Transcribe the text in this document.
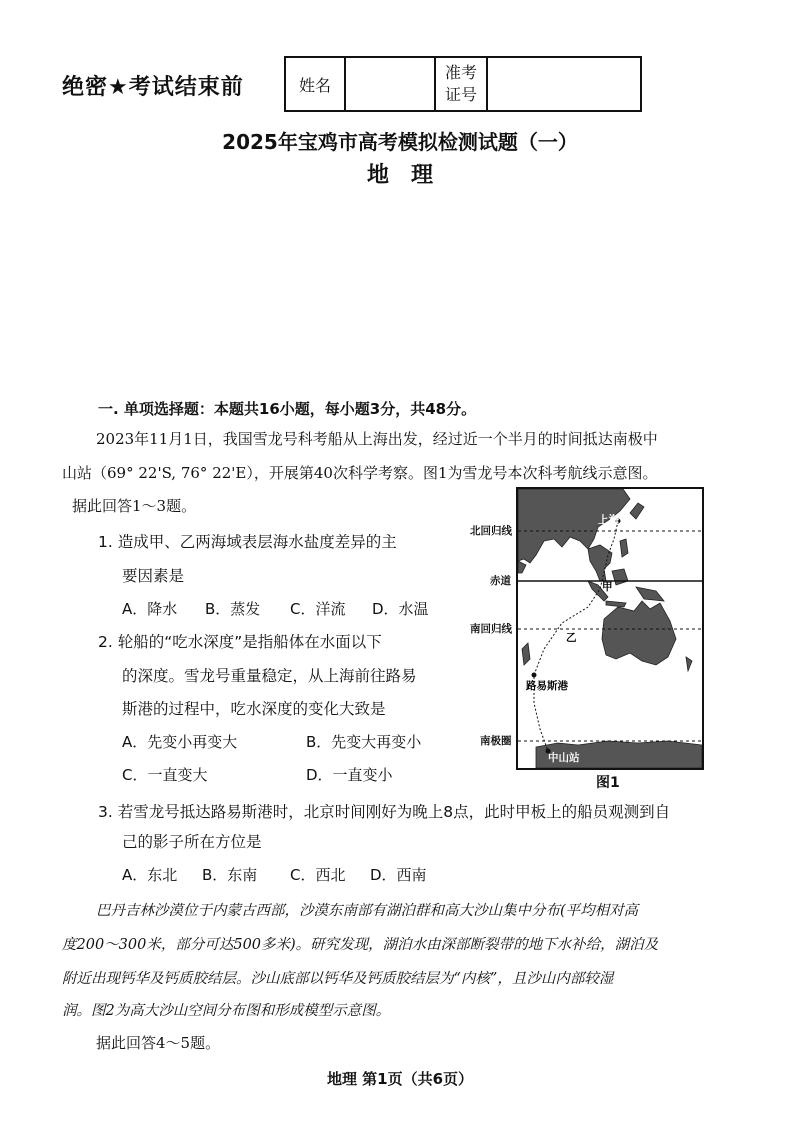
绝密★考试结束前	姓名		
准考
证号

2025年宝鸡市高考模拟检测试题（一）
地理
一. 单项选择题：本题共16小题，每小题3分，共48分。
2023年11月1日，我国雪龙号科考船从上海出发，经过近一个半月的时间抵达南极中
山站（69° 22'S, 76° 22'E），开展第40次科学考察。图1为雪龙号本次科考航线示意图。
据此回答1～3题。
1. 造成甲、乙两海域表层海水盐度差异的主
要因素是
A．降水 B．蒸发 C．洋流 D．水温
2. 轮船的“吃水深度”是指船体在水面以下
的深度。雪龙号重量稳定，从上海前往路易
斯港的过程中，吃水深度的变化大致是
A．先变小再变大	B．先变大再变小
C．一直变大	D．一直变小
上海
甲
乙
路易斯港
中山站
北回归线
赤道
南回归线
南极圈
图1
3. 若雪龙号抵达路易斯港时，北京时间刚好为晚上8点，此时甲板上的船员观测到自
己的影子所在方位是
A．东北 B．东南 C．西北 D．西南
巴丹吉林沙漠位于内蒙古西部，沙漠东南部有湖泊群和高大沙山集中分布(平均相对高
度200～300米，部分可达500多米)。研究发现，湖泊水由深部断裂带的地下水补给，湖泊及
附近出现钙华及钙质胶结层。沙山底部以钙华及钙质胶结层为“内核”，且沙山内部较湿
润。图2为高大沙山空间分布图和形成模型示意图。
据此回答4～5题。
地理 第1页（共6页）
